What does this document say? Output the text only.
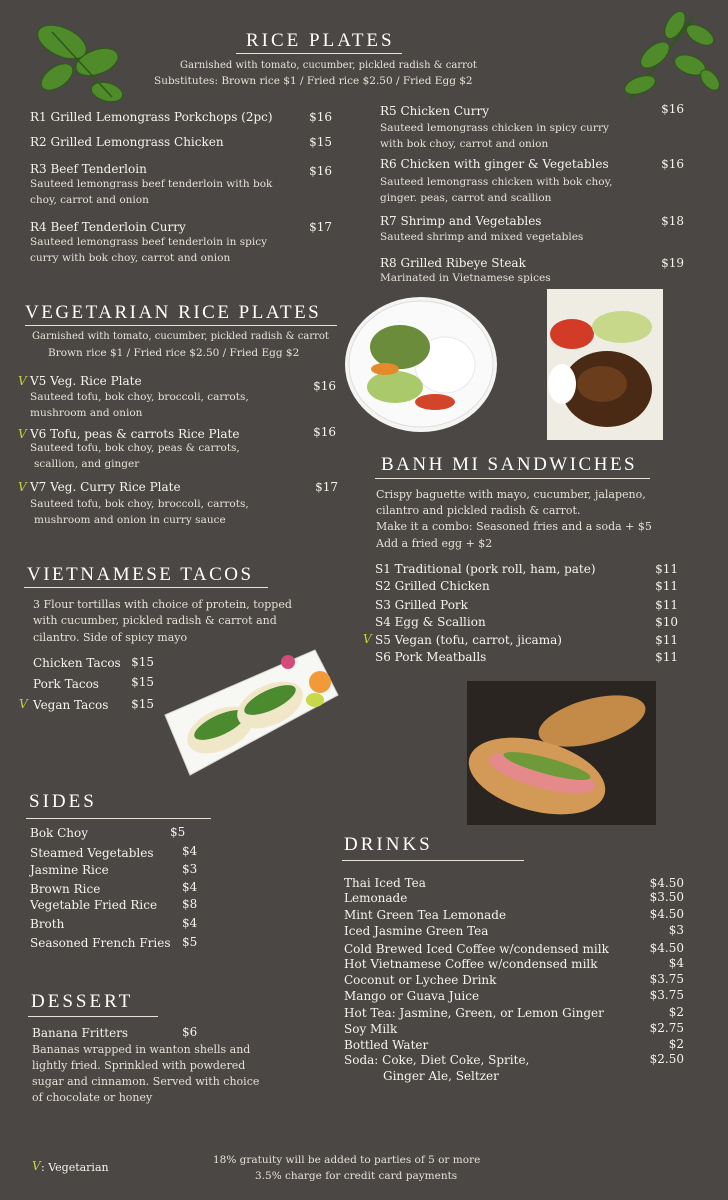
RICE PLATES
Garnished with tomato, cucumber, pickled radish & carrot
Substitutes: Brown rice $1 / Fried rice $2.50 / Fried Egg $2
R1 Grilled Lemongrass Porkchops (2pc)	$16
R2 Grilled Lemongrass Chicken	$15
R3 Beef Tenderloin	$16
Sauteed lemongrass beef tenderloin with bok
choy, carrot and onion
R4 Beef Tenderloin Curry	$17
Sauteed lemongrass beef tenderloin in spicy
curry with bok choy, carrot and onion
R5 Chicken Curry	$16
Sauteed lemongrass chicken in spicy curry
with bok choy, carrot and onion
R6 Chicken with ginger & Vegetables	$16
Sauteed lemongrass chicken with bok choy,
ginger. peas, carrot and scallion
R7 Shrimp and Vegetables	$18
Sauteed shrimp and mixed vegetables
R8 Grilled Ribeye Steak	$19
Marinated in Vietnamese spices
VEGETARIAN RICE PLATES
Garnished with tomato, cucumber, pickled radish & carrot
Brown rice $1 / Fried rice $2.50 / Fried Egg $2
V V5 Veg. Rice Plate	$16
Sauteed tofu, bok choy, broccoli, carrots,
mushroom and onion
V V6 Tofu, peas & carrots Rice Plate	$16
Sauteed tofu, bok choy, peas & carrots,
scallion, and ginger
V V7 Veg. Curry Rice Plate	$17
Sauteed tofu, bok choy, broccoli, carrots,
mushroom and onion in curry sauce
BANH MI SANDWICHES
Crispy baguette with mayo, cucumber, jalapeno,
cilantro and pickled radish & carrot.
Make it a combo: Seasoned fries and a soda + $5
Add a fried egg + $2
S1 Traditional (pork roll, ham, pate)	$11
S2 Grilled Chicken	$11
S3 Grilled Pork	$11
S4 Egg & Scallion	$10
V S5 Vegan (tofu, carrot, jicama)	$11
S6 Pork Meatballs	$11
VIETNAMESE TACOS
3 Flour tortillas with choice of protein, topped
with cucumber, pickled radish & carrot and
cilantro. Side of spicy mayo
Chicken Tacos $15
Pork Tacos	$15
V Vegan Tacos	$15
SIDES
Bok Choy	$5
Steamed Vegetables $4
Jasmine Rice	$3
Brown Rice	$4
Vegetable Fried Rice $8
Broth	$4
Seasoned French Fries $5
DESSERT
Banana Fritters	$6
Bananas wrapped in wanton shells and
lightly fried. Sprinkled with powdered
sugar and cinnamon. Served with choice
of chocolate or honey
DRINKS
Thai Iced Tea	$4.50
Lemonade	$3.50
Mint Green Tea Lemonade	$4.50
Iced Jasmine Green Tea	$3
Cold Brewed Iced Coffee w/condensed milk	$4.50
Hot Vietnamese Coffee w/condensed milk	$4
Coconut or Lychee Drink	$3.75
Mango or Guava Juice	$3.75
Hot Tea: Jasmine, Green, or Lemon Ginger	$2
Soy Milk	$2.75
Bottled Water	$2
Soda: Coke, Diet Coke, Sprite,	$2.50
Ginger Ale, Seltzer
V : Vegetarian
18% gratuity will be added to parties of 5 or more
3.5% charge for credit card payments
